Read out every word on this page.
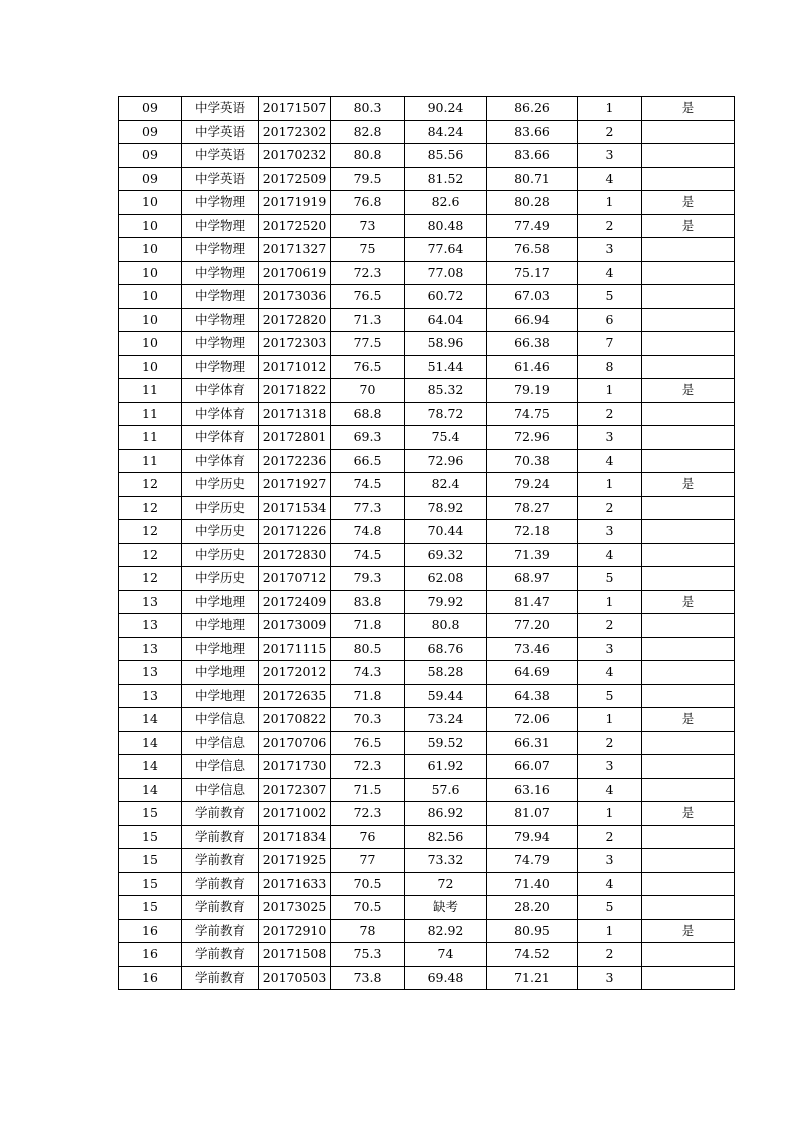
09	中学英语	20171507	80.3	90.24	86.26	1	是
09	中学英语	20172302	82.8	84.24	83.66	2	
09	中学英语	20170232	80.8	85.56	83.66	3	
09	中学英语	20172509	79.5	81.52	80.71	4	
10	中学物理	20171919	76.8	82.6	80.28	1	是
10	中学物理	20172520	73	80.48	77.49	2	是
10	中学物理	20171327	75	77.64	76.58	3	
10	中学物理	20170619	72.3	77.08	75.17	4	
10	中学物理	20173036	76.5	60.72	67.03	5	
10	中学物理	20172820	71.3	64.04	66.94	6	
10	中学物理	20172303	77.5	58.96	66.38	7	
10	中学物理	20171012	76.5	51.44	61.46	8	
11	中学体育	20171822	70	85.32	79.19	1	是
11	中学体育	20171318	68.8	78.72	74.75	2	
11	中学体育	20172801	69.3	75.4	72.96	3	
11	中学体育	20172236	66.5	72.96	70.38	4	
12	中学历史	20171927	74.5	82.4	79.24	1	是
12	中学历史	20171534	77.3	78.92	78.27	2	
12	中学历史	20171226	74.8	70.44	72.18	3	
12	中学历史	20172830	74.5	69.32	71.39	4	
12	中学历史	20170712	79.3	62.08	68.97	5	
13	中学地理	20172409	83.8	79.92	81.47	1	是
13	中学地理	20173009	71.8	80.8	77.20	2	
13	中学地理	20171115	80.5	68.76	73.46	3	
13	中学地理	20172012	74.3	58.28	64.69	4	
13	中学地理	20172635	71.8	59.44	64.38	5	
14	中学信息	20170822	70.3	73.24	72.06	1	是
14	中学信息	20170706	76.5	59.52	66.31	2	
14	中学信息	20171730	72.3	61.92	66.07	3	
14	中学信息	20172307	71.5	57.6	63.16	4	
15	学前教育	20171002	72.3	86.92	81.07	1	是
15	学前教育	20171834	76	82.56	79.94	2	
15	学前教育	20171925	77	73.32	74.79	3	
15	学前教育	20171633	70.5	72	71.40	4	
15	学前教育	20173025	70.5	缺考	28.20	5	
16	学前教育	20172910	78	82.92	80.95	1	是
16	学前教育	20171508	75.3	74	74.52	2	
16	学前教育	20170503	73.8	69.48	71.21	3	
